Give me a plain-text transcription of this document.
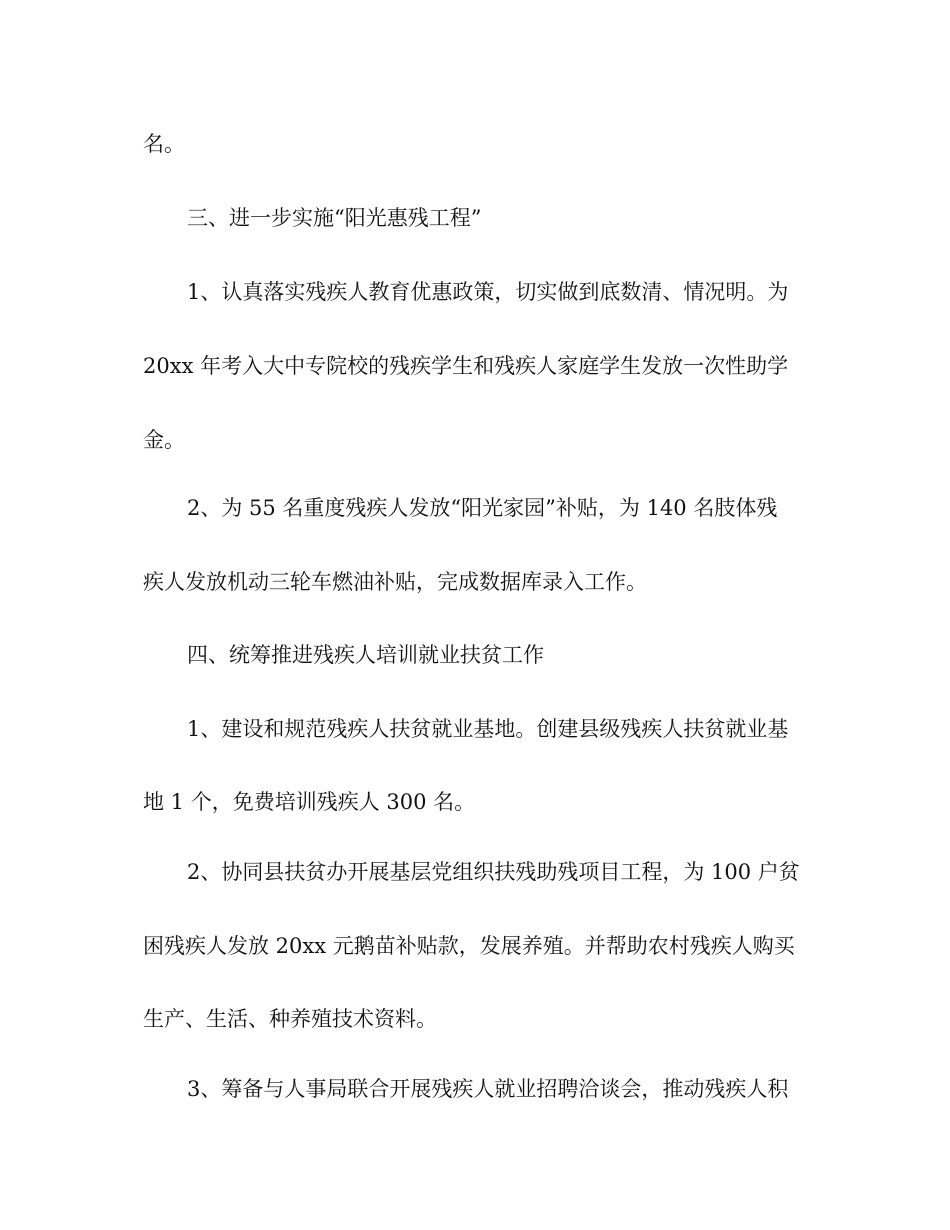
名。
三、进一步实施“阳光惠残工程”
1、认真落实残疾人教育优惠政策，切实做到底数清、情况明。为
20xx 年考入大中专院校的残疾学生和残疾人家庭学生发放一次性助学
金。
2、为 55 名重度残疾人发放“阳光家园”补贴，为 140 名肢体残
疾人发放机动三轮车燃油补贴，完成数据库录入工作。
四、统筹推进残疾人培训就业扶贫工作
1、建设和规范残疾人扶贫就业基地。创建县级残疾人扶贫就业基
地 1 个，免费培训残疾人 300 名。
2、协同县扶贫办开展基层党组织扶残助残项目工程，为 100 户贫
困残疾人发放 20xx 元鹅苗补贴款，发展养殖。并帮助农村残疾人购买
生产、生活、种养殖技术资料。
3、筹备与人事局联合开展残疾人就业招聘洽谈会，推动残疾人积
